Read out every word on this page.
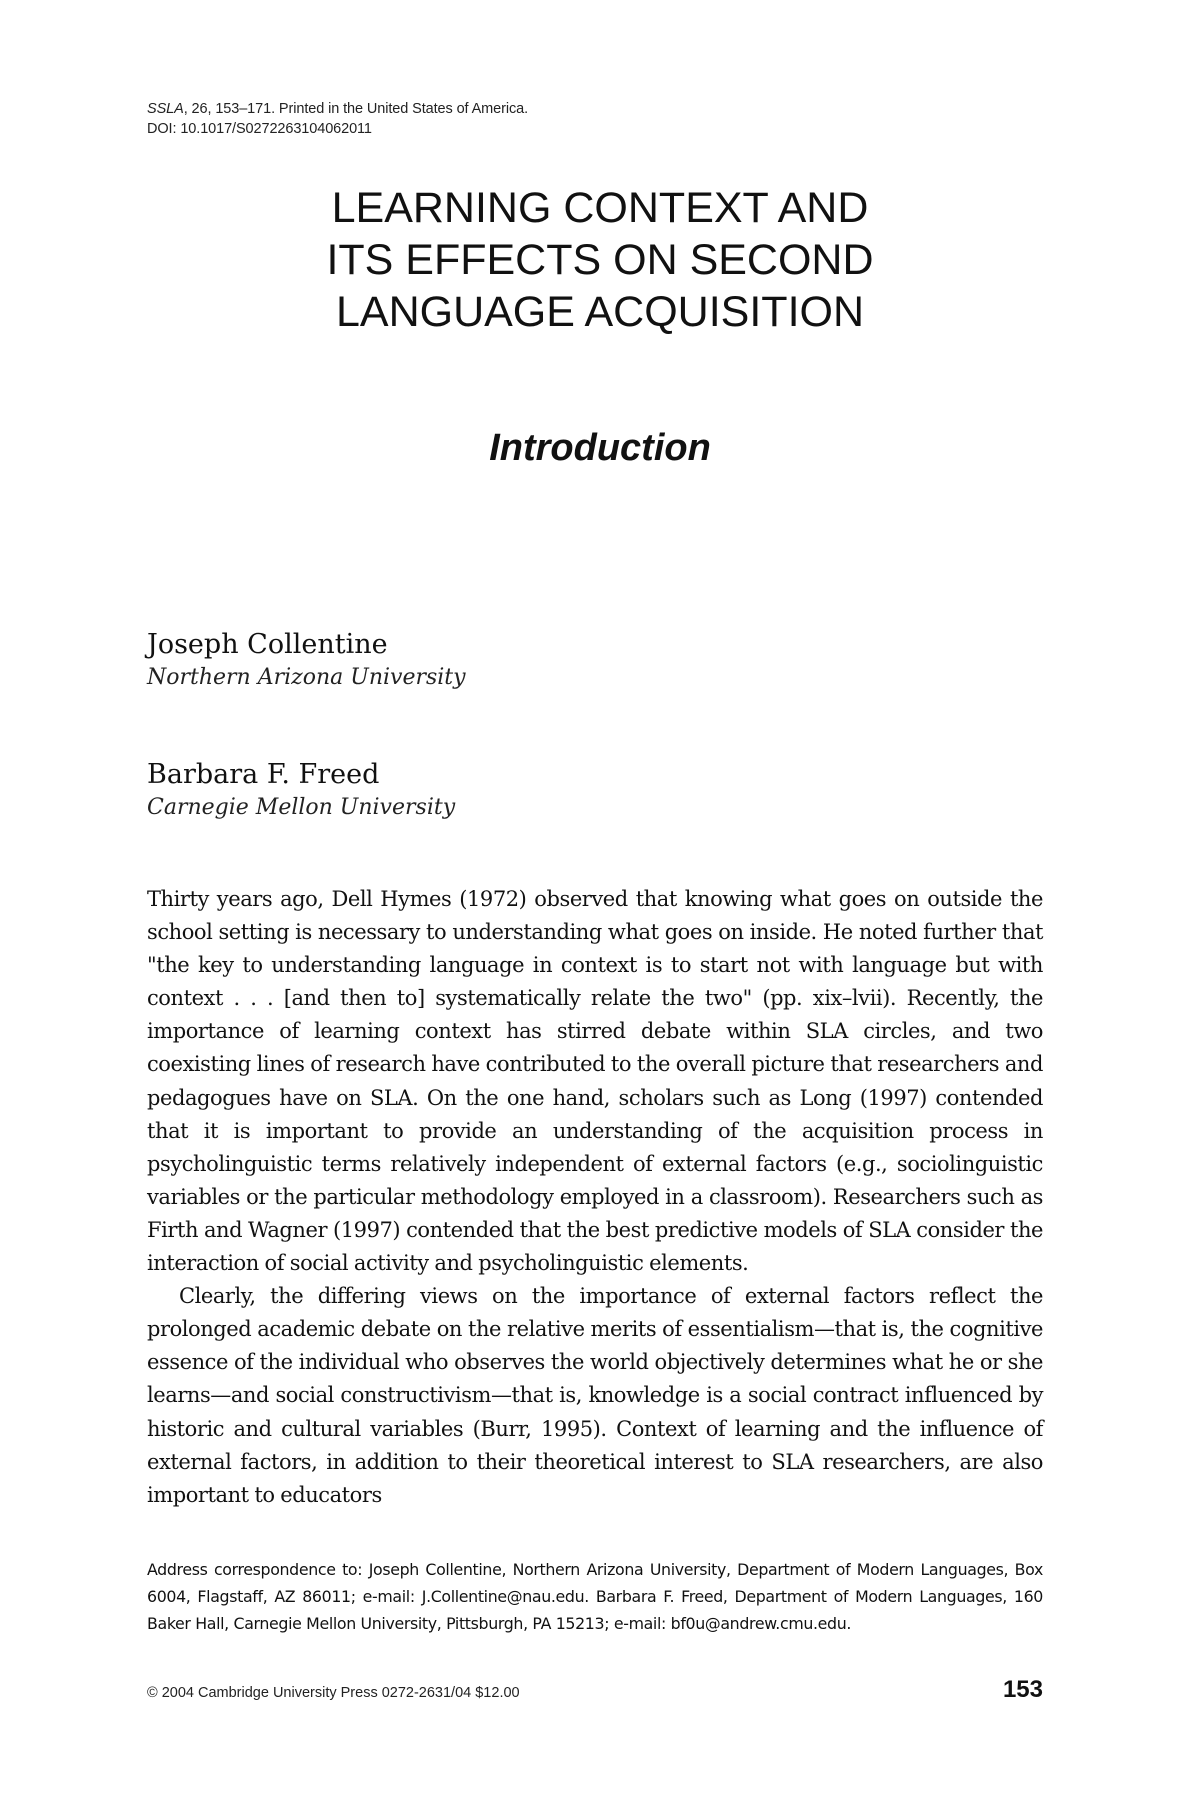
SSLA, 26, 153–171. Printed in the United States of America.
DOI: 10.1017/S0272263104062011
LEARNING CONTEXT AND
ITS EFFECTS ON SECOND
LANGUAGE ACQUISITION
Introduction
Joseph Collentine
Northern Arizona University
Barbara F. Freed
Carnegie Mellon University

Thirty years ago, Dell Hymes (1972) observed that knowing what goes on outside the school setting is necessary to understanding what goes on inside. He noted further that "the key to understanding language in context is to start not with language but with context . . . [and then to] systematically relate the two" (pp. xix–lvii). Recently, the importance of learning context has stirred debate within SLA circles, and two coexisting lines of research have contributed to the overall picture that researchers and pedagogues have on SLA. On the one hand, scholars such as Long (1997) contended that it is important to provide an understanding of the acquisition process in psycholinguistic terms relatively independent of external factors (e.g., sociolinguistic variables or the particular methodology employed in a classroom). Researchers such as Firth and Wagner (1997) contended that the best predictive models of SLA consider the interaction of social activity and psycholinguistic elements.

Clearly, the differing views on the importance of external factors reflect the prolonged academic debate on the relative merits of essentialism—that is, the cognitive essence of the individual who observes the world objectively determines what he or she learns—and social constructivism—that is, knowledge is a social contract influenced by historic and cultural variables (Burr, 1995). Context of learning and the influence of external factors, in addition to their theoretical interest to SLA researchers, are also important to educators

Address correspondence to: Joseph Collentine, Northern Arizona University, Department of Modern Languages, Box 6004, Flagstaff, AZ 86011; e-mail: J.Collentine@nau.edu. Barbara F. Freed, Department of Modern Languages, 160 Baker Hall, Carnegie Mellon University, Pittsburgh, PA 15213; e-mail: bf0u@andrew.cmu.edu.
© 2004 Cambridge University Press 0272-2631/04 $12.00	153
